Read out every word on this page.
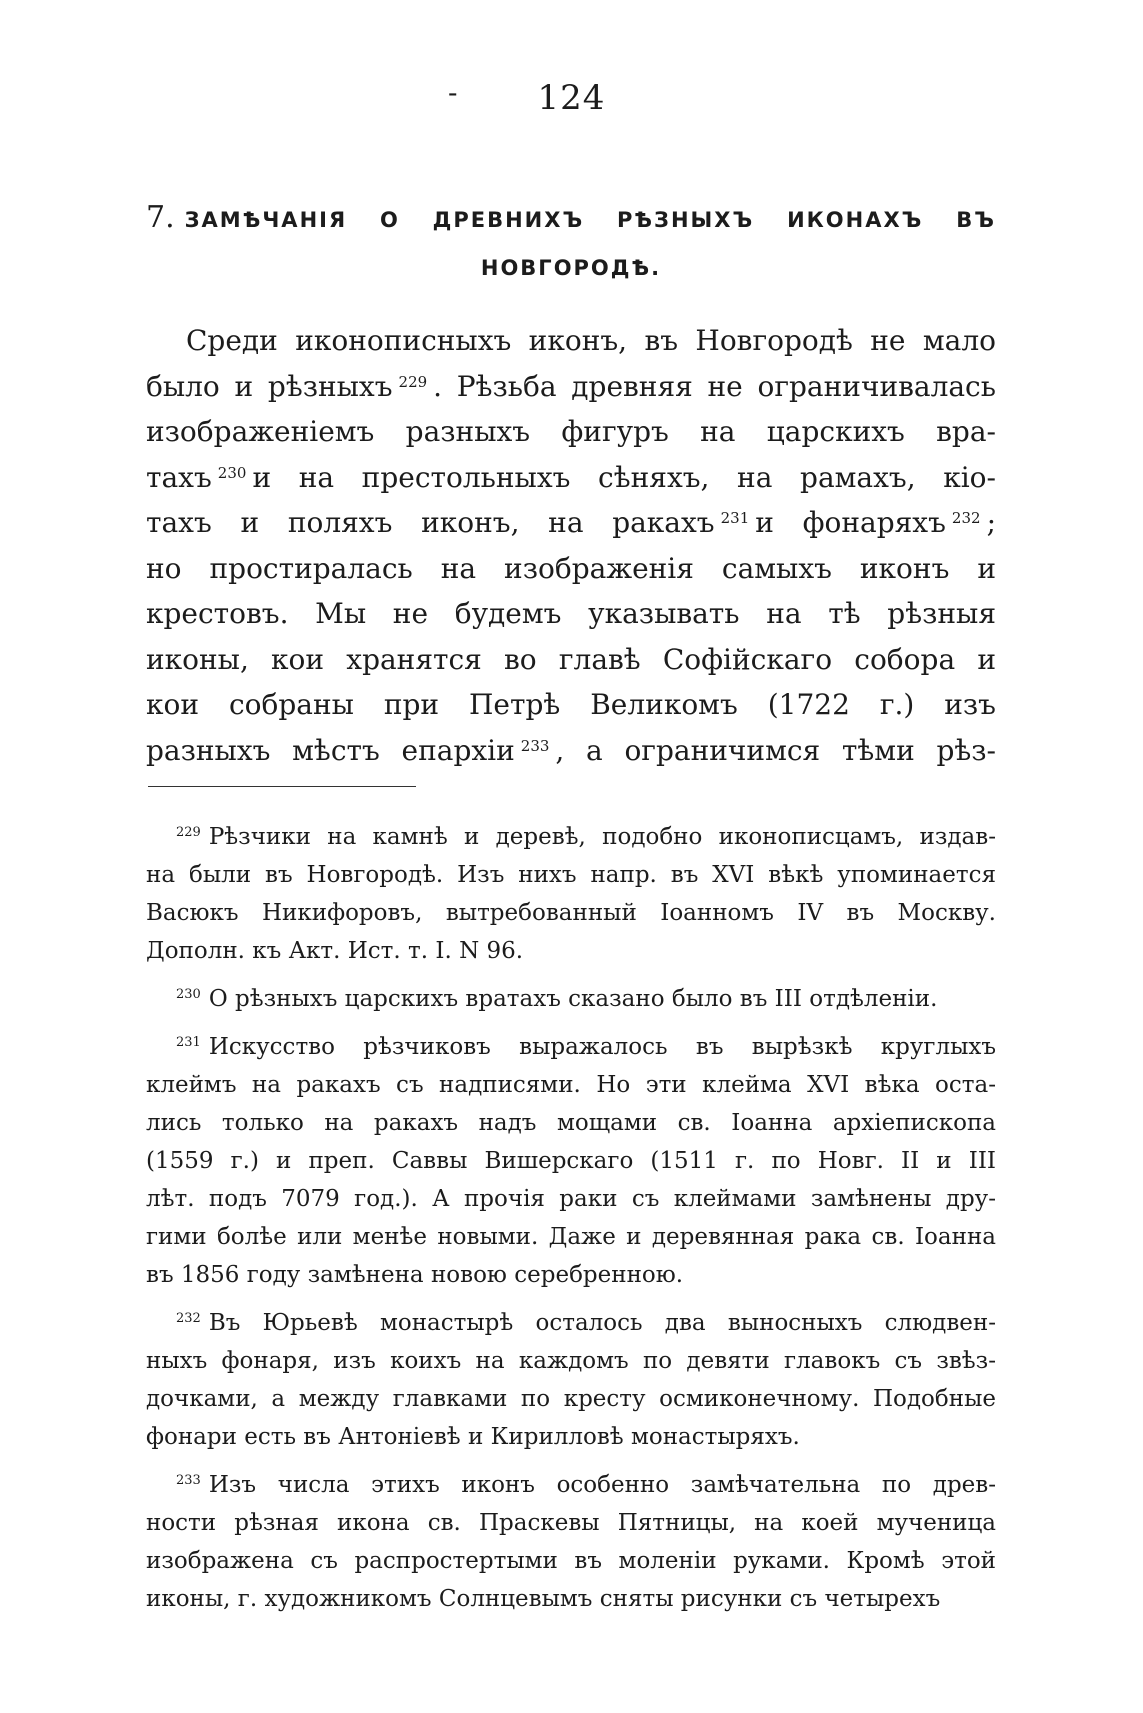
- 124
7. ЗАМѢЧАНІЯ О ДРЕВНИХЪ РѢЗНЫХЪ ИКОНАХЪ ВЪ
НОВГОРОДѢ.
Среди иконописныхъ иконъ, въ Новгородѣ не мало
было и рѣзныхъ $^{229}$ . Рѣзьба древняя не ограничивалась
изображеніемъ разныхъ фигуръ на царскихъ вра-
тахъ $^{230}$ и на престольныхъ сѣняхъ, на рамахъ, кіо-
тахъ и поляхъ иконъ, на ракахъ $^{231}$ и фонаряхъ $^{232}$ ;
но простиралась на изображенія самыхъ иконъ и
крестовъ. Мы не будемъ указывать на тѣ рѣзныя
иконы, кои хранятся во главѣ Софійскаго собора и
кои собраны при Петрѣ Великомъ (1722 г.) изъ
разныхъ мѣстъ епархіи $^{233}$ , а ограничимся тѣми рѣз-
$^{229}$ Рѣзчики на камнѣ и деревѣ, подобно иконописцамъ, издав-
на были въ Новгородѣ. Изъ нихъ напр. въ XVI вѣкѣ упоминается
Васюкъ Никифоровъ, вытребованный Іоанномъ IV въ Москву.
Дополн. къ Акт. Ист. т. I. N 96.
$^{230}$ О рѣзныхъ царскихъ вратахъ сказано было въ III отдѣленіи.
$^{231}$ Искусство рѣзчиковъ выражалось въ вырѣзкѣ круглыхъ
клеймъ на ракахъ съ надписями. Но эти клейма XVI вѣка оста-
лись только на ракахъ надъ мощами св. Іоанна архіепископа
(1559 г.) и преп. Саввы Вишерскаго (1511 г. по Новг. II и III
лѣт. подъ 7079 год.). А прочія раки съ клеймами замѣнены дру-
гими болѣе или менѣе новыми. Даже и деревянная рака св. Іоанна
въ 1856 году замѣнена новою серебренною.
$^{232}$ Въ Юрьевѣ монастырѣ осталось два выносныхъ слюдвен-
ныхъ фонаря, изъ коихъ на каждомъ по девяти главокъ съ звѣз-
дочками, а между главками по кресту осмиконечному. Подобные
фонари есть въ Антоніевѣ и Кирилловѣ монастыряхъ.
$^{233}$ Изъ числа этихъ иконъ особенно замѣчательна по древ-
ности рѣзная икона св. Праскевы Пятницы, на коей мученица
изображена съ распростертыми въ моленіи руками. Кромѣ этой
иконы, г. художникомъ Солнцевымъ сняты рисунки съ четырехъ
